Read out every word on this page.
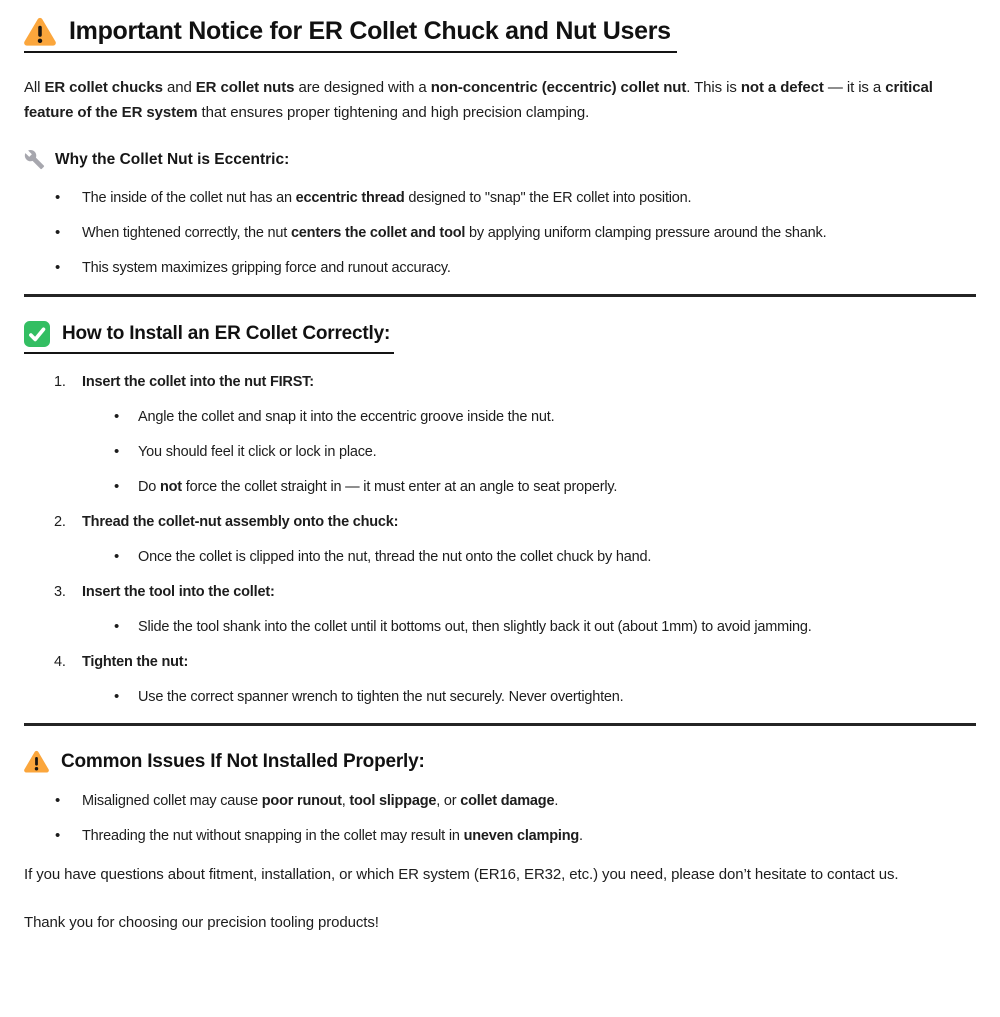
Important Notice for ER Collet Chuck and Nut Users

All ER collet chucks and ER collet nuts are designed with a non-concentric (eccentric) collet nut. This is not a defect — it is a critical feature of the ER system that ensures proper tightening and high precision clamping.

Why the Collet Nut is Eccentric:
• The inside of the collet nut has an eccentric thread designed to "snap" the ER collet into position.
• When tightened correctly, the nut centers the collet and tool by applying uniform clamping pressure around the shank.
• This system maximizes gripping force and runout accuracy.
How to Install an ER Collet Correctly:
1. Insert the collet into the nut FIRST:
• Angle the collet and snap it into the eccentric groove inside the nut.
• You should feel it click or lock in place.
• Do not force the collet straight in — it must enter at an angle to seat properly.
2. Thread the collet-nut assembly onto the chuck:
• Once the collet is clipped into the nut, thread the nut onto the collet chuck by hand.
3. Insert the tool into the collet:
• Slide the tool shank into the collet until it bottoms out, then slightly back it out (about 1mm) to avoid jamming.
4. Tighten the nut:
• Use the correct spanner wrench to tighten the nut securely. Never overtighten.
Common Issues If Not Installed Properly:
• Misaligned collet may cause poor runout, tool slippage, or collet damage.
• Threading the nut without snapping in the collet may result in uneven clamping.

If you have questions about fitment, installation, or which ER system (ER16, ER32, etc.) you need, please don’t hesitate to contact us.

Thank you for choosing our precision tooling products!
